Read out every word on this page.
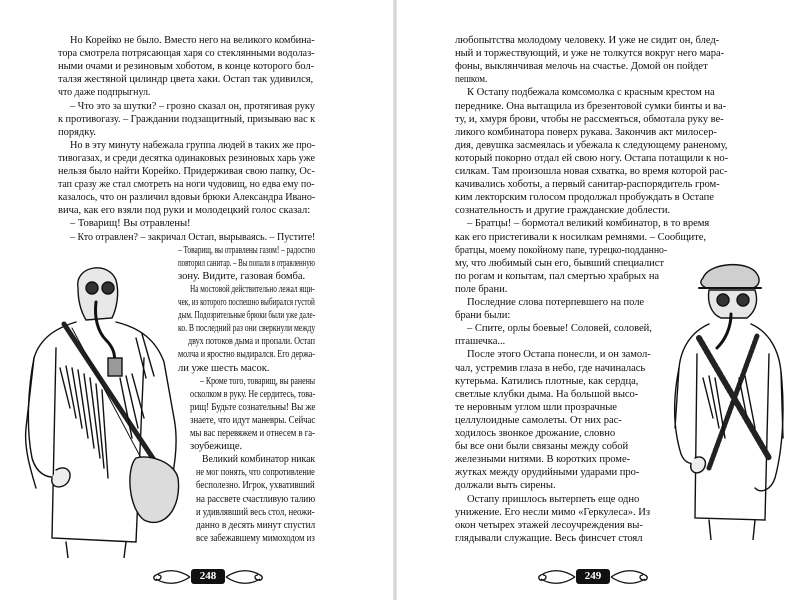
Но Корейко не было. Вместо него на великого комбина-
тора смотрела потрясающая харя со стеклянными водолаз-
ными очами и резиновым хоботом, в конце которого бол-
талзя жестяной цилиндр цвета хаки. Остап так удивился,
что даже подпрыгнул.
– Что это за шутки? – грозно сказал он, протягивая руку
к противогазу. – Граждании подзащитный, призываю вас к
порядку.
Но в эту минуту набежала группа людей в таких же про-
тивогазах, и среди десятка одинаковых резиновых харь уже
нельзя было найти Корейко. Придерживая свою папку, Ос-
тап сразу же стал смотреть на ноги чудовищ, но едва ему по-
казалось, что он различил вдовьи брюки Александра Ивано-
вича, как его взяли под руки и молодецкий голос сказал:
– Товарищ! Вы отравлены!
– Кто отравлен? – закричал Остап, вырываясь. – Пустите!
– Товарищ, вы отравлены газом! – радостно
повторил санитар. – Вы попали в отравленную
зону. Видите, газовая бомба.
На мостовой действительно лежал ящи-
чек, из которого поспешно выбиралcя густой
дым. Подозрительные брюки были уже дале-
ко. В последний раз они сверкнули между
двух потоков дыма и пропали. Остап
молча и яростно выдирался. Его держа-
ли уже шесть масок.
– Кроме того, товарищ, вы ранены
осколком в руку. Не сердитесь, това-
рищ! Будьте сознательны! Вы же
знаете, что идут маневры. Сейчас
мы вас перевяжем и отнесем в га-
зоубежище.
Великий комбинатор никак
не мог понять, что сопротивление
бесполезно. Игрок, ухвативший
на рассвете счастливую талию
и удивлявший весь стол, неожи-
данно в десять минут спустил
все забежавшему мимоходом из
248
любопытства молодому человеку. И уже не сидит он, блед-
ный и торжествующий, и уже не толкутся вокруг него мара-
фоны, выклянчивая мелочь на счастье. Домой он пойдет
пешком.
К Остапу подбежала комсомолка с красным крестом на
переднике. Она вытащила из брезентовой сумки бинты и ва-
ту, и, хмуря брови, чтобы не рассмеяться, обмотала руку ве-
ликого комбинатора поверх рукава. Закончив акт милосер-
дия, девушка засмеялась и убежала к следующему раненому,
который покорно отдал ей свою ногу. Остапа потащили к но-
силкам. Там произошла новая схватка, во время которой рас-
качивались хоботы, а первый санитар-распорядитель гром-
ким лекторским голосом продолжал пробуждать в Остапе
сознательность и другие гражданские доблести.
– Братцы! – бормотал великий комбинатор, в то время
как его пристегивали к носилкам ремнями. – Сообщите,
братцы, моему покойному папе, турецко-подданно-
му, что любимый сын его, бывший специалист
по рогам и копытам, пал смертью храбрых на
поле брани.
Последние слова потерпевшего на поле
брани были:
– Спите, орлы боевые! Соловей, соловей,
пташечка...
После этого Остапа понесли, и он замол-
чал, устремив глаза в небо, где начиналась
кутерьма. Катились плотные, как сердца,
светлые клубки дыма. На большой высо-
те неровным углом шли прозрачные
целлулоидные самолеты. От них рас-
ходилось звонкое дрожание, словно
бы все они были связаны между собой
железными нитями. В коротких проме-
жутках между орудийными ударами про-
должали выть сирены.
Остапу пришлось вытерпеть еще одно
унижение. Его несли мимо «Геркулеса». Из
окон четырех этажей лесоучреждения вы-
глядывали служащие. Весь финсчет стоял
249
